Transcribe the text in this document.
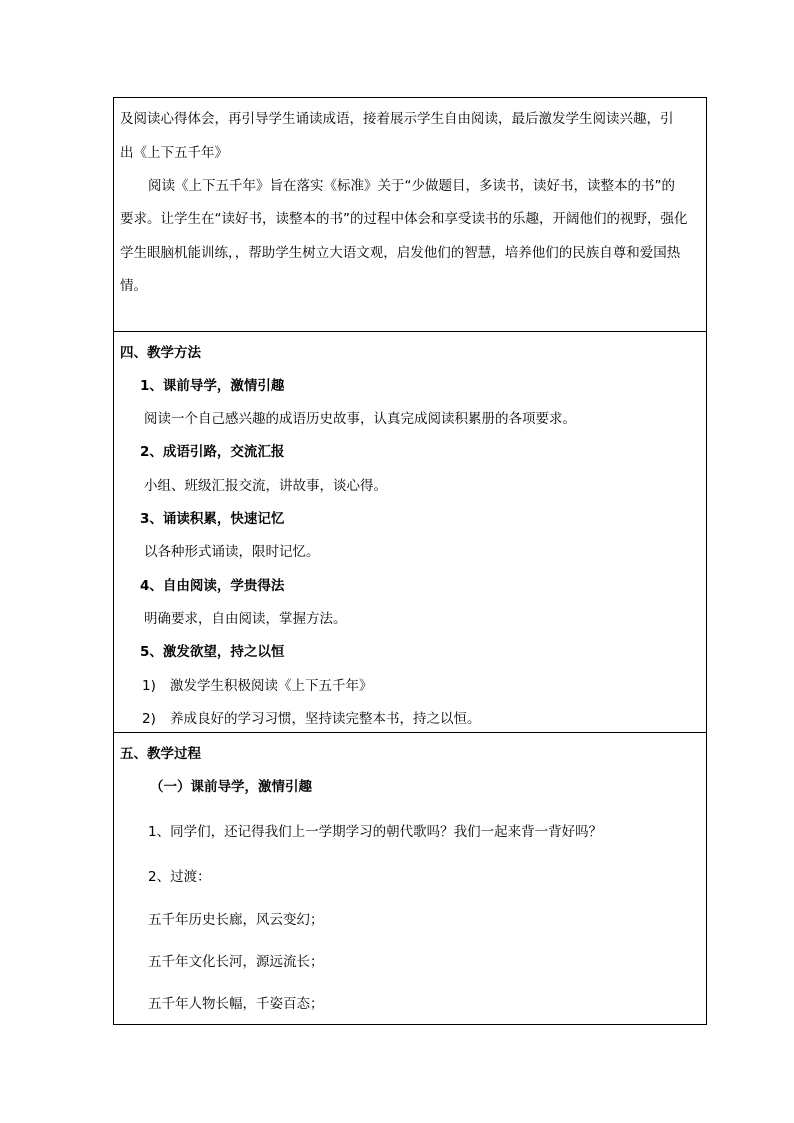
及阅读心得体会，再引导学生诵读成语，接着展示学生自由阅读，最后激发学生阅读兴趣，引
出《上下五千年》
阅读《上下五千年》旨在落实《标准》关于“少做题目，多读书，读好书，读整本的书”的
要求。让学生在“读好书，读整本的书”的过程中体会和享受读书的乐趣，开阔他们的视野，强化
学生眼脑机能训练，，帮助学生树立大语文观，启发他们的智慧，培养他们的民族自尊和爱国热
情。
四、教学方法
1、课前导学，激情引趣
阅读一个自己感兴趣的成语历史故事，认真完成阅读积累册的各项要求。
2、成语引路，交流汇报
小组、班级汇报交流，讲故事，谈心得。
3、诵读积累，快速记忆
以各种形式诵读，限时记忆。
4、自由阅读，学贵得法
明确要求，自由阅读，掌握方法。
5、激发欲望，持之以恒
1) 激发学生积极阅读《上下五千年》
2) 养成良好的学习习惯，坚持读完整本书，持之以恒。
五、教学过程
（一）课前导学，激情引趣
1、同学们，还记得我们上一学期学习的朝代歌吗？我们一起来背一背好吗？
2、过渡：
五千年历史长廊，风云变幻；
五千年文化长河，源远流长；
五千年人物长幅，千姿百态；
